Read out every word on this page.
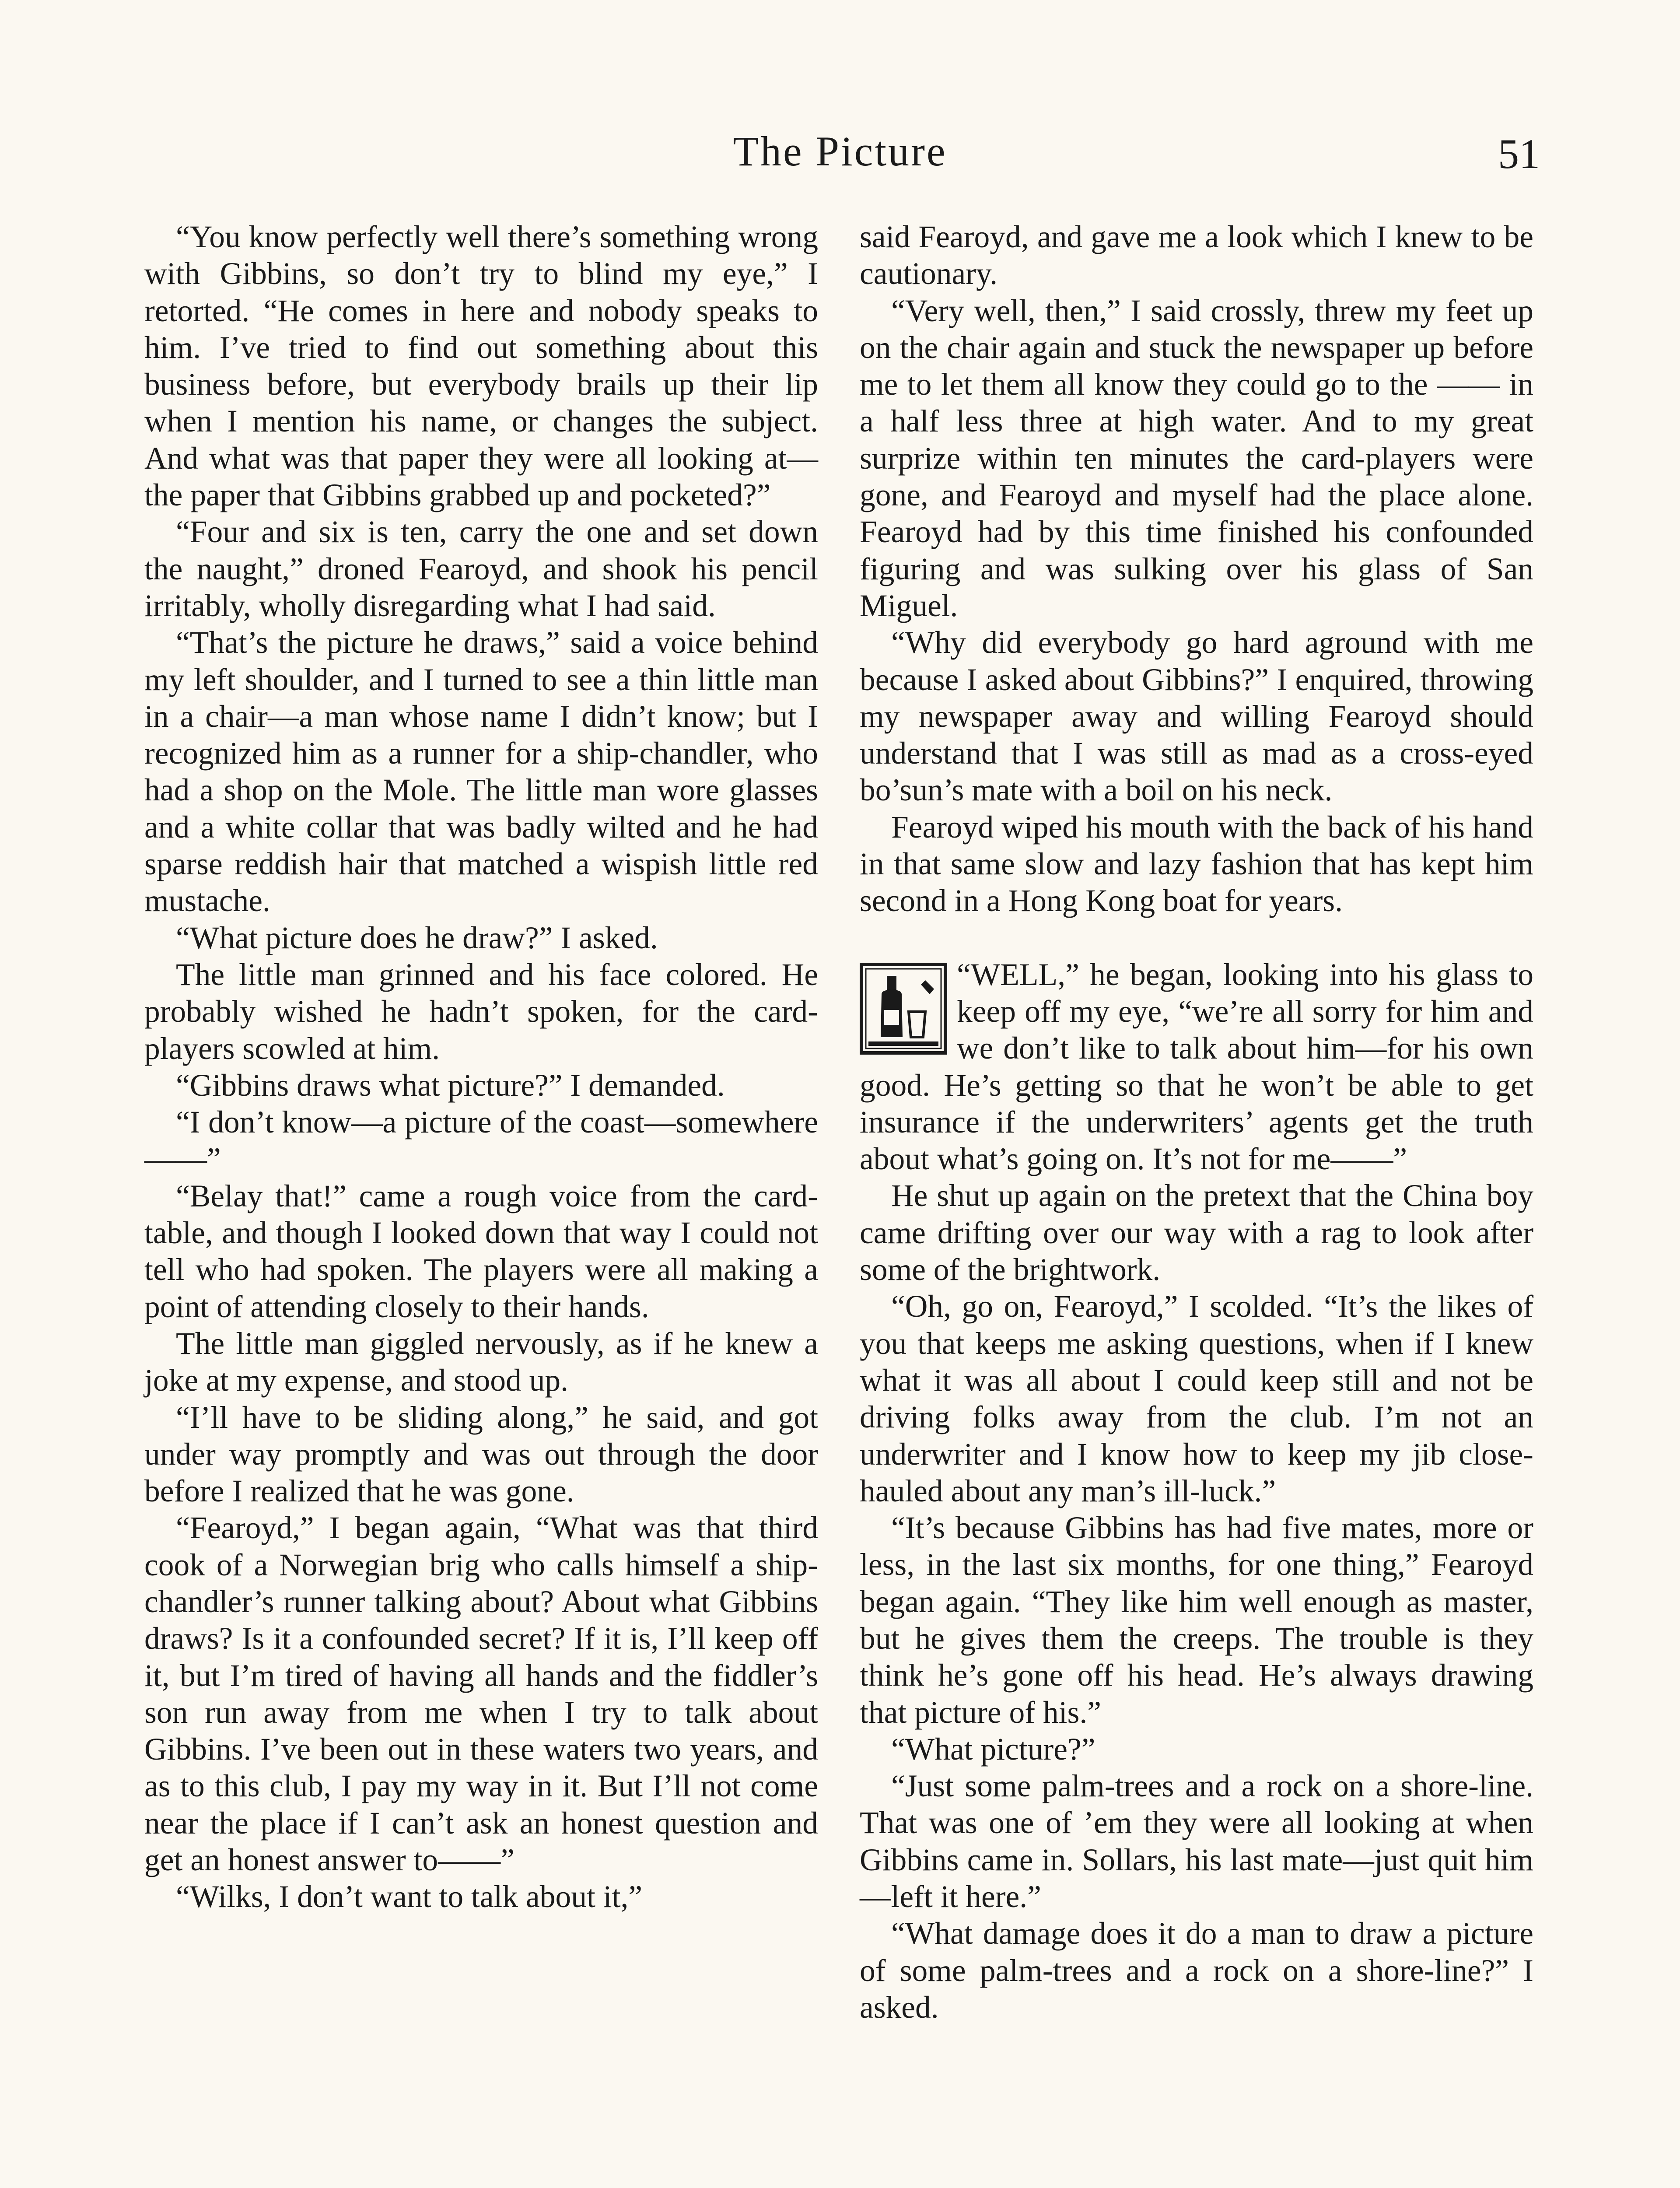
The Picture	51

“You know perfectly well there’s something wrong with Gibbins, so don’t try to blind my eye,” I retorted. “He comes in here and nobody speaks to him. I’ve tried to find out something about this business before, but everybody brails up their lip when I mention his name, or changes the subject. And what was that paper they were all looking at—the paper that Gibbins grabbed up and pocketed?”

“Four and six is ten, carry the one and set down the naught,” droned Fearoyd, and shook his pencil irritably, wholly disregarding what I had said.

“That’s the picture he draws,” said a voice behind my left shoulder, and I turned to see a thin little man in a chair—a man whose name I didn’t know; but I recognized him as a runner for a ship-chandler, who had a shop on the Mole. The little man wore glasses and a white collar that was badly wilted and he had sparse reddish hair that matched a wispish little red mustache.

“What picture does he draw?” I asked.

The little man grinned and his face colored. He probably wished he hadn’t spoken, for the card-players scowled at him.

“Gibbins draws what picture?” I demanded.

“I don’t know—a picture of the coast—somewhere——”

“Belay that!” came a rough voice from the card-table, and though I looked down that way I could not tell who had spoken. The players were all making a point of attending closely to their hands.

The little man giggled nervously, as if he knew a joke at my expense, and stood up.

“I’ll have to be sliding along,” he said, and got under way promptly and was out through the door before I realized that he was gone.

“Fearoyd,” I began again, “What was that third cook of a Norwegian brig who calls himself a ship-chandler’s runner talking about? About what Gibbins draws? Is it a confounded secret? If it is, I’ll keep off it, but I’m tired of having all hands and the fiddler’s son run away from me when I try to talk about Gibbins. I’ve been out in these waters two years, and as to this club, I pay my way in it. But I’ll not come near the place if I can’t ask an honest question and get an honest answer to——”

“Wilks, I don’t want to talk about it,”

said Fearoyd, and gave me a look which I knew to be cautionary.

“Very well, then,” I said crossly, threw my feet up on the chair again and stuck the newspaper up before me to let them all know they could go to the —— in a half less three at high water. And to my great surprize within ten minutes the card-players were gone, and Fearoyd and myself had the place alone. Fearoyd had by this time finished his confounded figuring and was sulking over his glass of San Miguel.

“Why did everybody go hard aground with me because I asked about Gibbins?” I enquired, throwing my newspaper away and willing Fearoyd should understand that I was still as mad as a cross-eyed bo’sun’s mate with a boil on his neck.

Fearoyd wiped his mouth with the back of his hand in that same slow and lazy fashion that has kept him second in a Hong Kong boat for years.

“WELL,” he began, looking into his glass to keep off my eye, “we’re all sorry for him and we don’t like to talk about him—for his own good. He’s getting so that he won’t be able to get insurance if the underwriters’ agents get the truth about what’s going on. It’s not for me——”

He shut up again on the pretext that the China boy came drifting over our way with a rag to look after some of the brightwork.

“Oh, go on, Fearoyd,” I scolded. “It’s the likes of you that keeps me asking questions, when if I knew what it was all about I could keep still and not be driving folks away from the club. I’m not an underwriter and I know how to keep my jib close-hauled about any man’s ill-luck.”

“It’s because Gibbins has had five mates, more or less, in the last six months, for one thing,” Fearoyd began again. “They like him well enough as master, but he gives them the creeps. The trouble is they think he’s gone off his head. He’s always drawing that picture of his.”

“What picture?”

“Just some palm-trees and a rock on a shore-line. That was one of ’em they were all looking at when Gibbins came in. Sollars, his last mate—just quit him—left it here.”

“What damage does it do a man to draw a picture of some palm-trees and a rock on a shore-line?” I asked.
